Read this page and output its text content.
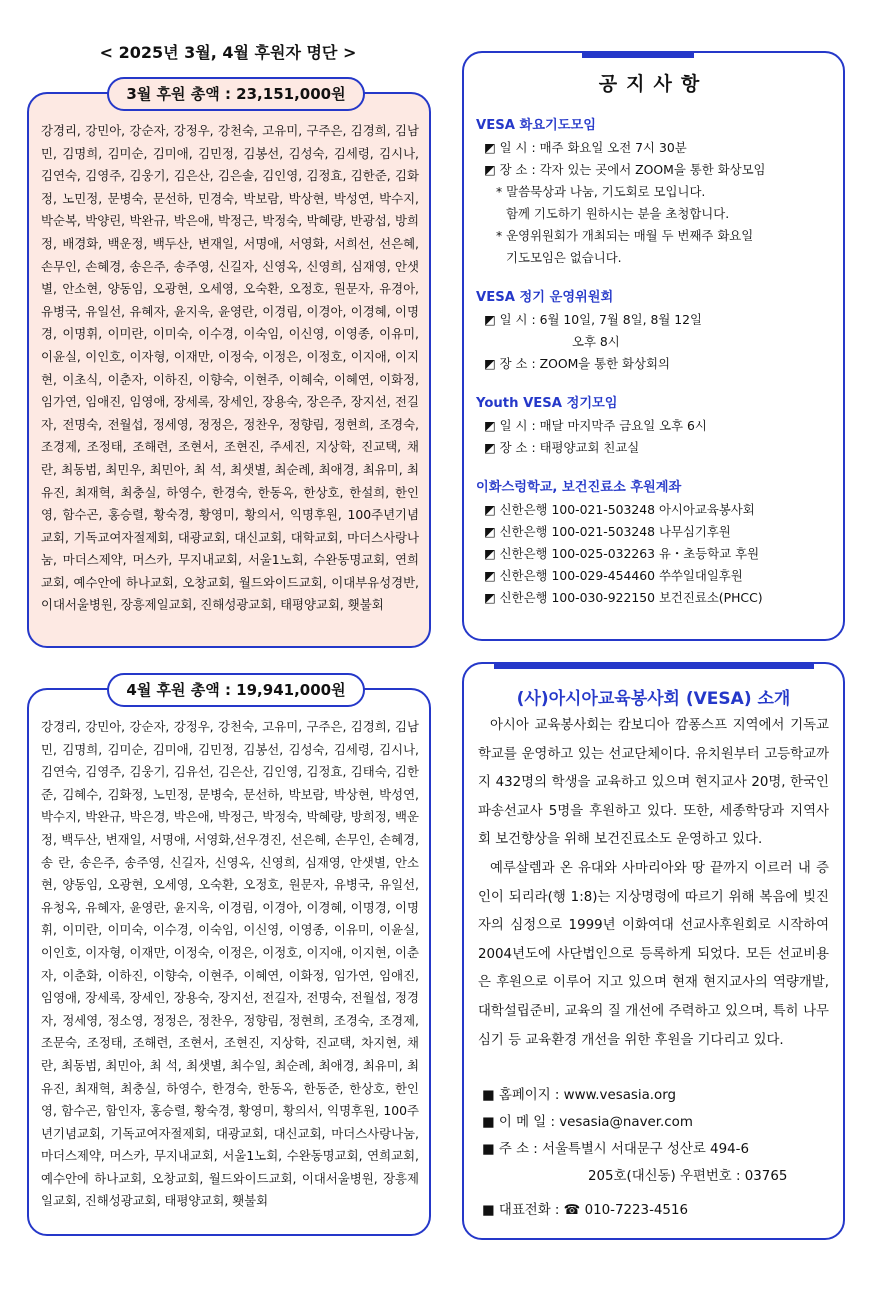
< 2025년 3월, 4월 후원자 명단 >
3월 후원 총액 : 23,151,000원
강경리, 강민아, 강순자, 강정우, 강천숙, 고유미, 구주은, 김경희, 김남민, 김명희, 김미순, 김미애, 김민정, 김봉선, 김성숙, 김세령, 김시나, 김연숙, 김영주, 김웅기, 김은산, 김은솔, 김인영, 김정효, 김한준, 김화정, 노민정, 문병숙, 문선하, 민경숙, 박보람, 박상현, 박성연, 박수지, 박순복, 박양린, 박완규, 박은애, 박정근, 박정숙, 박혜량, 반광섭, 방희정, 배경화, 백운정, 백두산, 변재일, 서명애, 서영화, 서희선, 선은혜, 손무인, 손혜경, 송은주, 송주영, 신길자, 신영옥, 신영희, 심재영, 안샛별, 안소현, 양동임, 오광현, 오세영, 오숙환, 오정호, 원문자, 유경아, 유병국, 유일선, 유혜자, 윤지욱, 윤영란, 이경림, 이경아, 이경혜, 이명경, 이명휘, 이미란, 이미숙, 이수경, 이숙임, 이신영, 이영종, 이유미, 이윤실, 이인호, 이자형, 이재만, 이정숙, 이정은, 이정호, 이지애, 이지현, 이초식, 이춘자, 이하진, 이향숙, 이현주, 이혜숙, 이혜연, 이화정, 임가연, 임애진, 임영애, 장세록, 장세인, 장용숙, 장은주, 장지선, 전길자, 전명숙, 전월섭, 정세영, 정정은, 정찬우, 정향림, 정현희, 조경숙, 조경제, 조정태, 조해련, 조현서, 조현진, 주세진, 지상학, 진교택, 채 란, 최동범, 최민우, 최민아, 최 석, 최샛별, 최순례, 최애경, 최유미, 최유진, 최재혁, 최충실, 하영수, 한경숙, 한동옥, 한상호, 한설희, 한인영, 함수곤, 홍승렬, 황숙경, 황영미, 황의서, 익명후원, 100주년기념교회, 기독교여자절제회, 대광교회, 대신교회, 대학교회, 마더스사랑나눔, 마더스제약, 머스카, 무지내교회, 서울1노회, 수완동명교회, 연희교회, 예수안에 하나교회, 오창교회, 월드와이드교회, 이대부유성경반, 이대서울병원, 장흥제일교회, 진해성광교회, 태평양교회, 횃불회
4월 후원 총액 : 19,941,000원
강경리, 강민아, 강순자, 강정우, 강천숙, 고유미, 구주은, 김경희, 김남민, 김명희, 김미순, 김미애, 김민정, 김봉선, 김성숙, 김세령, 김시나, 김연숙, 김영주, 김웅기, 김유선, 김은산, 김인영, 김정효, 김태숙, 김한준, 김혜수, 김화정, 노민정, 문병숙, 문선하, 박보람, 박상현, 박성연, 박수지, 박완규, 박은경, 박은애, 박정근, 박정숙, 박혜량, 방희정, 백운정, 백두산, 변재일, 서명애, 서영화,선우경진, 선은혜, 손무인, 손혜경, 송 란, 송은주, 송주영, 신길자, 신영옥, 신영희, 심재영, 안샛별, 안소현, 양동임, 오광현, 오세영, 오숙환, 오정호, 원문자, 유병국, 유일선, 유청옥, 유혜자, 윤영란, 윤지욱, 이경림, 이경아, 이경혜, 이명경, 이명휘, 이미란, 이미숙, 이수경, 이숙임, 이신영, 이영종, 이유미, 이윤실, 이인호, 이자형, 이재만, 이정숙, 이정은, 이정호, 이지애, 이지현, 이춘자, 이춘화, 이하진, 이향숙, 이현주, 이혜연, 이화정, 임가연, 임애진, 임영애, 장세록, 장세인, 장용숙, 장지선, 전길자, 전명숙, 전월섭, 정경자, 정세영, 정소영, 정정은, 정찬우, 정향림, 정현희, 조경숙, 조경제, 조문숙, 조정태, 조해련, 조현서, 조현진, 지상학, 진교택, 차지현, 채 란, 최동범, 최민아, 최 석, 최샛별, 최수일, 최순례, 최애경, 최유미, 최유진, 최재혁, 최충실, 하영수, 한경숙, 한동옥, 한동준, 한상호, 한인영, 함수곤, 함인자, 홍승렬, 황숙경, 황영미, 황의서, 익명후원, 100주년기념교회, 기독교여자절제회, 대광교회, 대신교회, 마더스사랑나눔, 마더스제약, 머스카, 무지내교회, 서울1노회, 수완동명교회, 연희교회, 예수안에 하나교회, 오창교회, 월드와이드교회, 이대서울병원, 장흥제일교회, 진해성광교회, 태평양교회, 횃불회
공지사항
VESA 화요기도모임
◩ 일 시 : 매주 화요일 오전 7시 30분
◩ 장 소 : 각자 있는 곳에서 ZOOM을 통한 화상모임
* 말씀묵상과 나눔, 기도회로 모입니다.
함께 기도하기 원하시는 분을 초청합니다.
* 운영위원회가 개최되는 매월 두 번째주 화요일
기도모임은 없습니다.
VESA 정기 운영위원회
◩ 일 시 : 6월 10일, 7월 8일, 8월 12일
오후 8시
◩ 장 소 : ZOOM을 통한 화상회의
Youth VESA 정기모임
◩ 일 시 : 매달 마지막주 금요일 오후 6시
◩ 장 소 : 태평양교회 친교실
이화스렁학교, 보건진료소 후원계좌
◩ 신한은행 100-021-503248 아시아교육봉사회
◩ 신한은행 100-021-503248 나무심기후원
◩ 신한은행 100-025-032263 유・초등학교 후원
◩ 신한은행 100-029-454460 쑤쑤일대일후원
◩ 신한은행 100-030-922150 보건진료소(PHCC)
(사)아시아교육봉사회 (VESA) 소개

아시아 교육봉사회는 캄보디아 깜퐁스프 지역에서 기독교 학교를 운영하고 있는 선교단체이다. 유치원부터 고등학교까지 432명의 학생을 교육하고 있으며 현지교사 20명, 한국인 파송선교사 5명을 후원하고 있다. 또한, 세종학당과 지역사회 보건향상을 위해 보건진료소도 운영하고 있다.

예루살렘과 온 유대와 사마리아와 땅 끝까지 이르러 내 증인이 되리라(행 1:8)는 지상명령에 따르기 위해 복음에 빚진 자의 심정으로 1999년 이화여대 선교사후원회로 시작하여 2004년도에 사단법인으로 등록하게 되었다. 모든 선교비용은 후원으로 이루어 지고 있으며 현재 현지교사의 역량개발, 대학설립준비, 교육의 질 개선에 주력하고 있으며, 특히 나무심기 등 교육환경 개선을 위한 후원을 기다리고 있다.

■ 홈페이지 : www.vesasia.org
■ 이 메 일 : vesasia@naver.com
■ 주 소 : 서울특별시 서대문구 성산로 494-6
205호(대신동) 우편번호 : 03765
■ 대표전화 : ☎ 010-7223-4516
